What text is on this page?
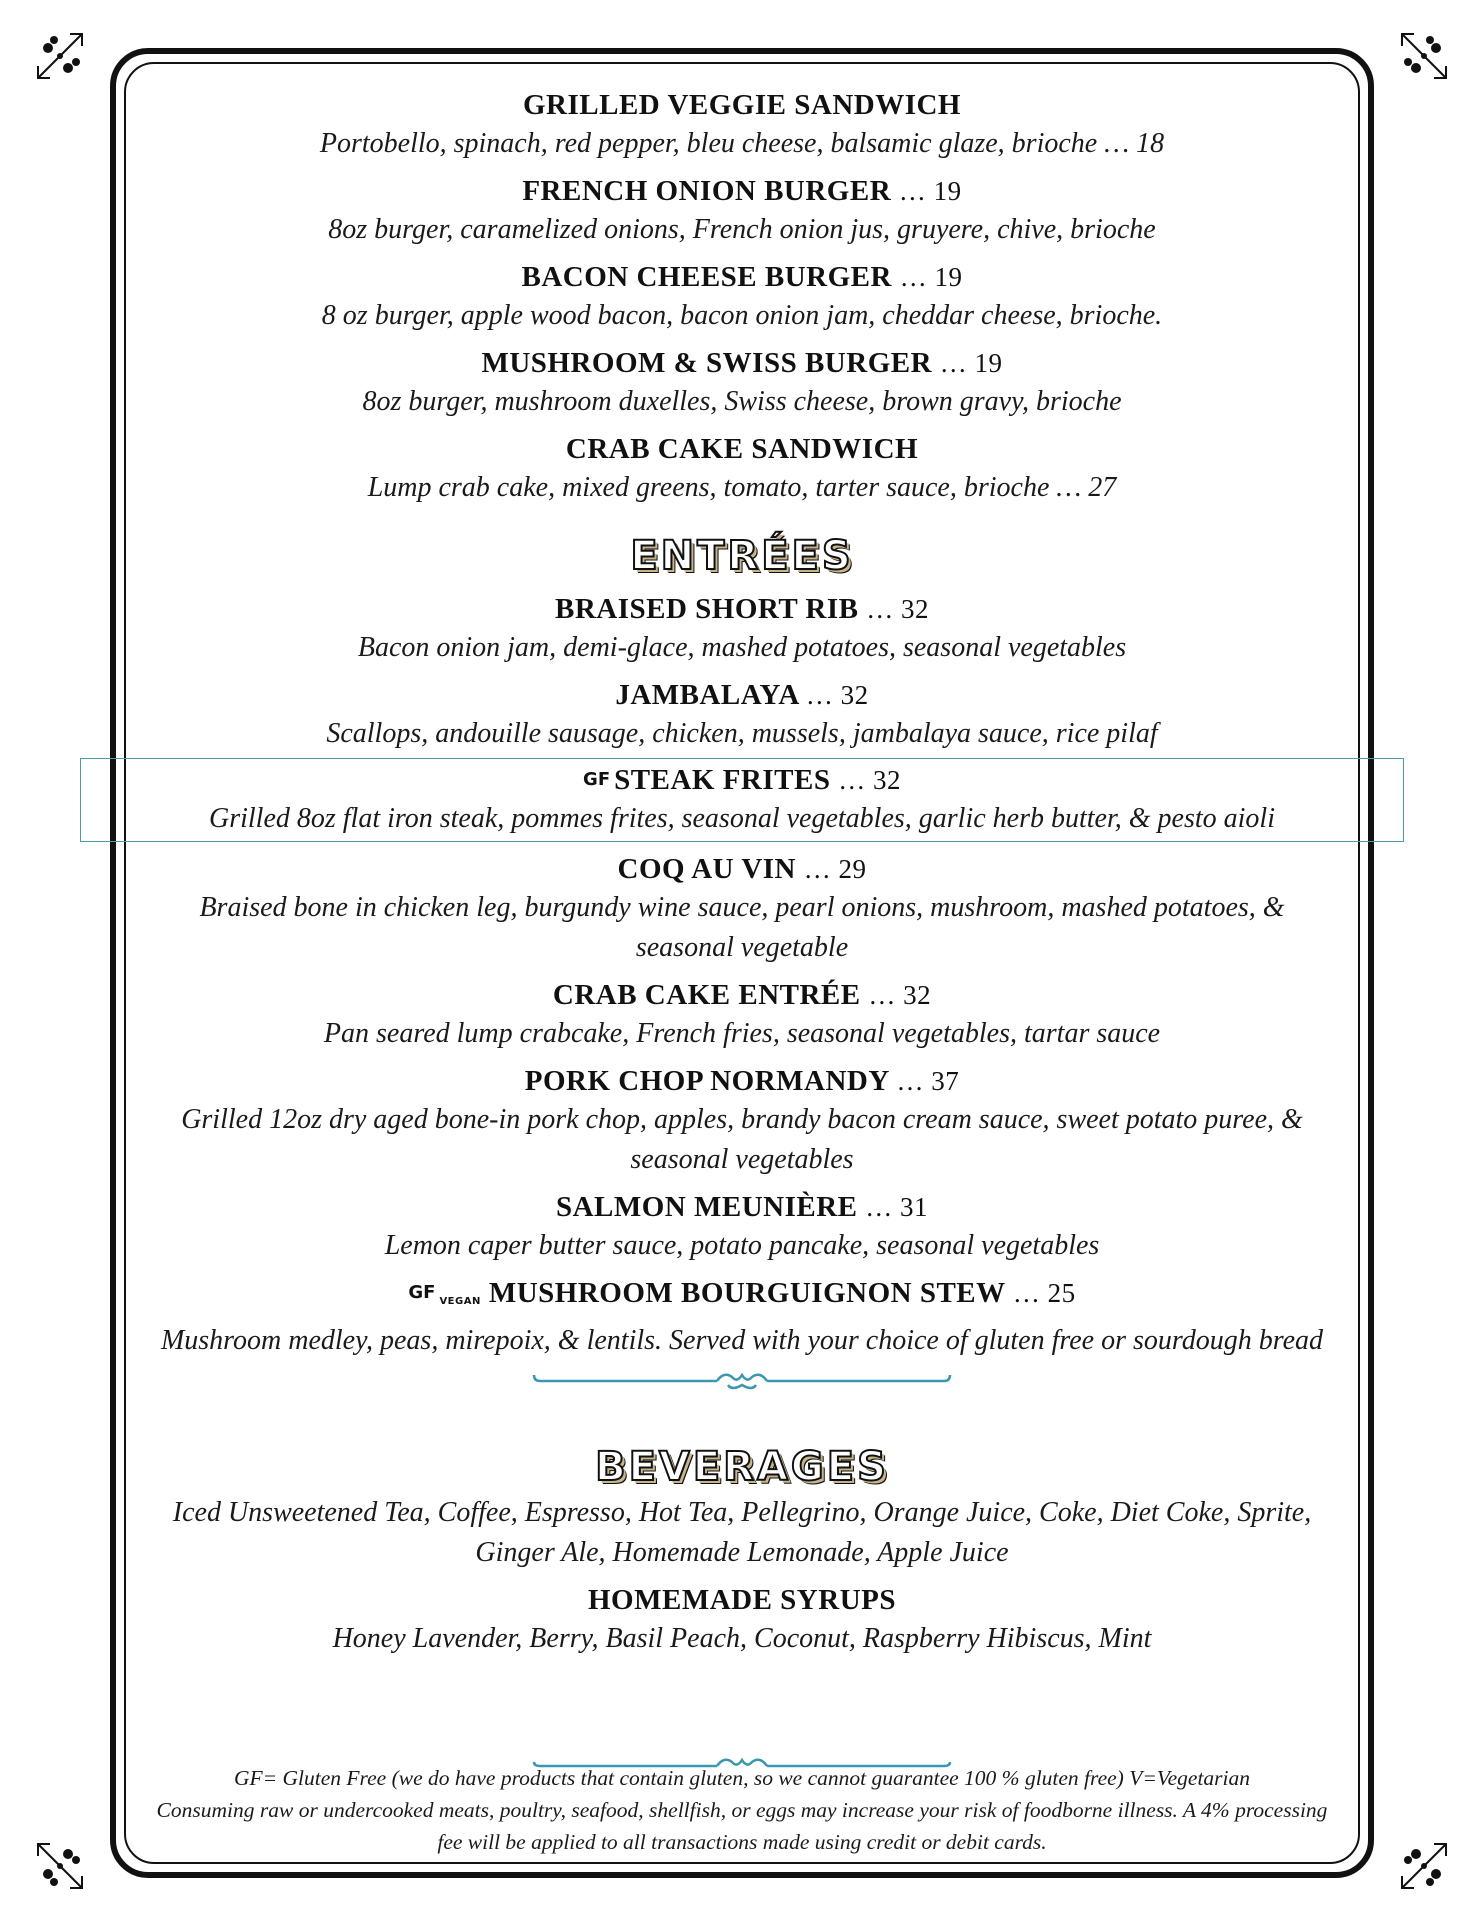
GRILLED VEGGIE SANDWICH
Portobello, spinach, red pepper, bleu cheese, balsamic glaze, brioche … 18
FRENCH ONION BURGER … 19
8oz burger, caramelized onions, French onion jus, gruyere, chive, brioche
BACON CHEESE BURGER … 19
8 oz burger, apple wood bacon, bacon onion jam, cheddar cheese, brioche.
MUSHROOM & SWISS BURGER … 19
8oz burger, mushroom duxelles, Swiss cheese, brown gravy, brioche
CRAB CAKE SANDWICH
Lump crab cake, mixed greens, tomato, tarter sauce, brioche … 27
ENTRÉES
BRAISED SHORT RIB … 32
Bacon onion jam, demi-glace, mashed potatoes, seasonal vegetables
JAMBALAYA … 32
Scallops, andouille sausage, chicken, mussels, jambalaya sauce, rice pilaf
GF STEAK FRITES … 32
Grilled 8oz flat iron steak, pommes frites, seasonal vegetables, garlic herb butter, & pesto aioli
COQ AU VIN … 29
Braised bone in chicken leg, burgundy wine sauce, pearl onions, mushroom, mashed potatoes, & seasonal vegetable
CRAB CAKE ENTRÉE … 32
Pan seared lump crabcake, French fries, seasonal vegetables, tartar sauce
PORK CHOP NORMANDY … 37
Grilled 12oz dry aged bone-in pork chop, apples, brandy bacon cream sauce, sweet potato puree, & seasonal vegetables
SALMON MEUNIÈRE … 31
Lemon caper butter sauce, potato pancake, seasonal vegetables
GF VEGAN MUSHROOM BOURGUIGNON STEW … 25
Mushroom medley, peas, mirepoix, & lentils. Served with your choice of gluten free or sourdough bread
BEVERAGES
Iced Unsweetened Tea, Coffee, Espresso, Hot Tea, Pellegrino, Orange Juice, Coke, Diet Coke, Sprite, Ginger Ale, Homemade Lemonade, Apple Juice
HOMEMADE SYRUPS
Honey Lavender, Berry, Basil Peach, Coconut, Raspberry Hibiscus, Mint
GF= Gluten Free (we do have products that contain gluten, so we cannot guarantee 100 % gluten free) V=Vegetarian
Consuming raw or undercooked meats, poultry, seafood, shellfish, or eggs may increase your risk of foodborne illness. A 4% processing fee will be applied to all transactions made using credit or debit cards.
